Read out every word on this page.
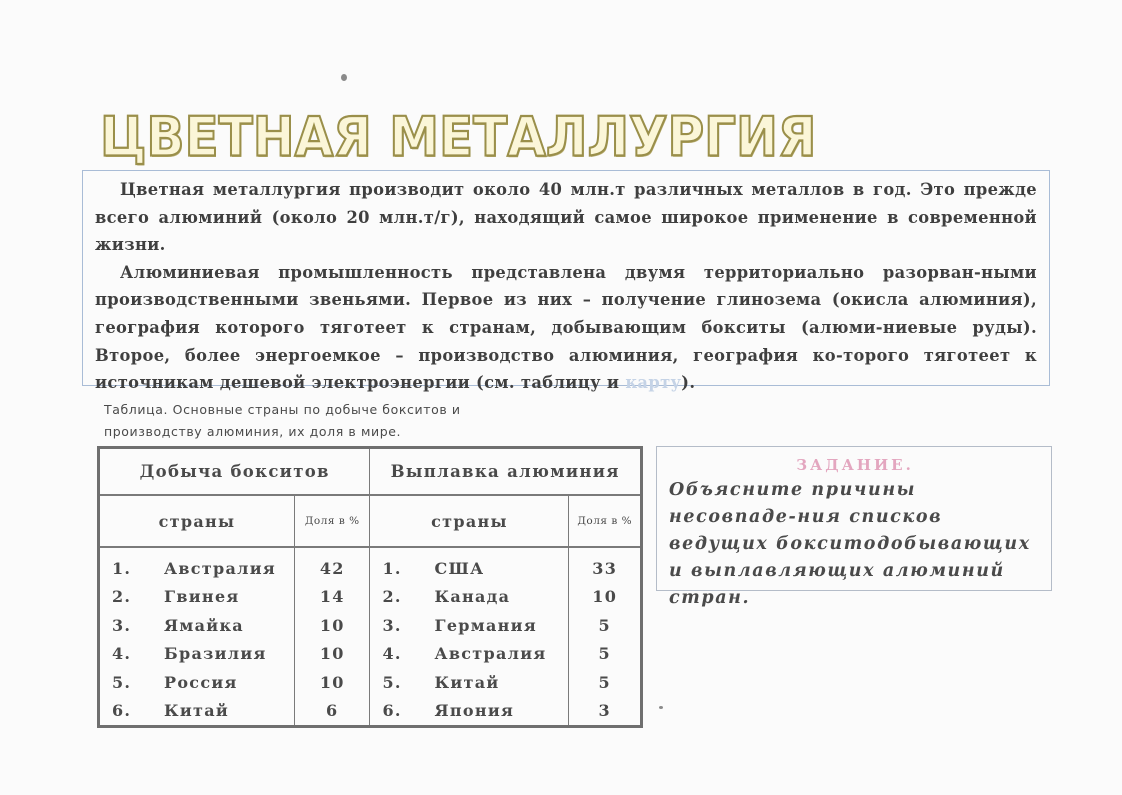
ЦВЕТНАЯ МЕТАЛЛУРГИЯ

Цветная металлургия производит около 40 млн.т различных металлов в год. Это прежде всего алюминий (около 20 млн.т/г), находящий самое широкое применение в современной жизни.

Алюминиевая промышленность представлена двумя территориально разорван-ными производственными звеньями. Первое из них – получение глинозема (окисла алюминия), география которого тяготеет к странам, добывающим бокситы (алюми-ниевые руды). Второе, более энергоемкое – производство алюминия, география ко-торого тяготеет к источникам дешевой электроэнергии (см. таблицу и карту).

Таблица. Основные страны по добыче бокситов и
производству алюминия, их доля в мире.
Добыча бокситов		Выплавка алюминия	
страны	Доля в %	страны	Доля в %
1. Австралия	42	1. США	33
2. Гвинея	14	2. Канада	10
3. Ямайка	10	3. Германия	5
4. Бразилия	10	4. Австралия	5
5. Россия	10	5. Китай	5
6. Китай	6	6. Япония	3
ЗАДАНИЕ.
Объясните причины несовпаде-ния списков ведущих бокситодобывающих и выплавляющих алюминий стран.
